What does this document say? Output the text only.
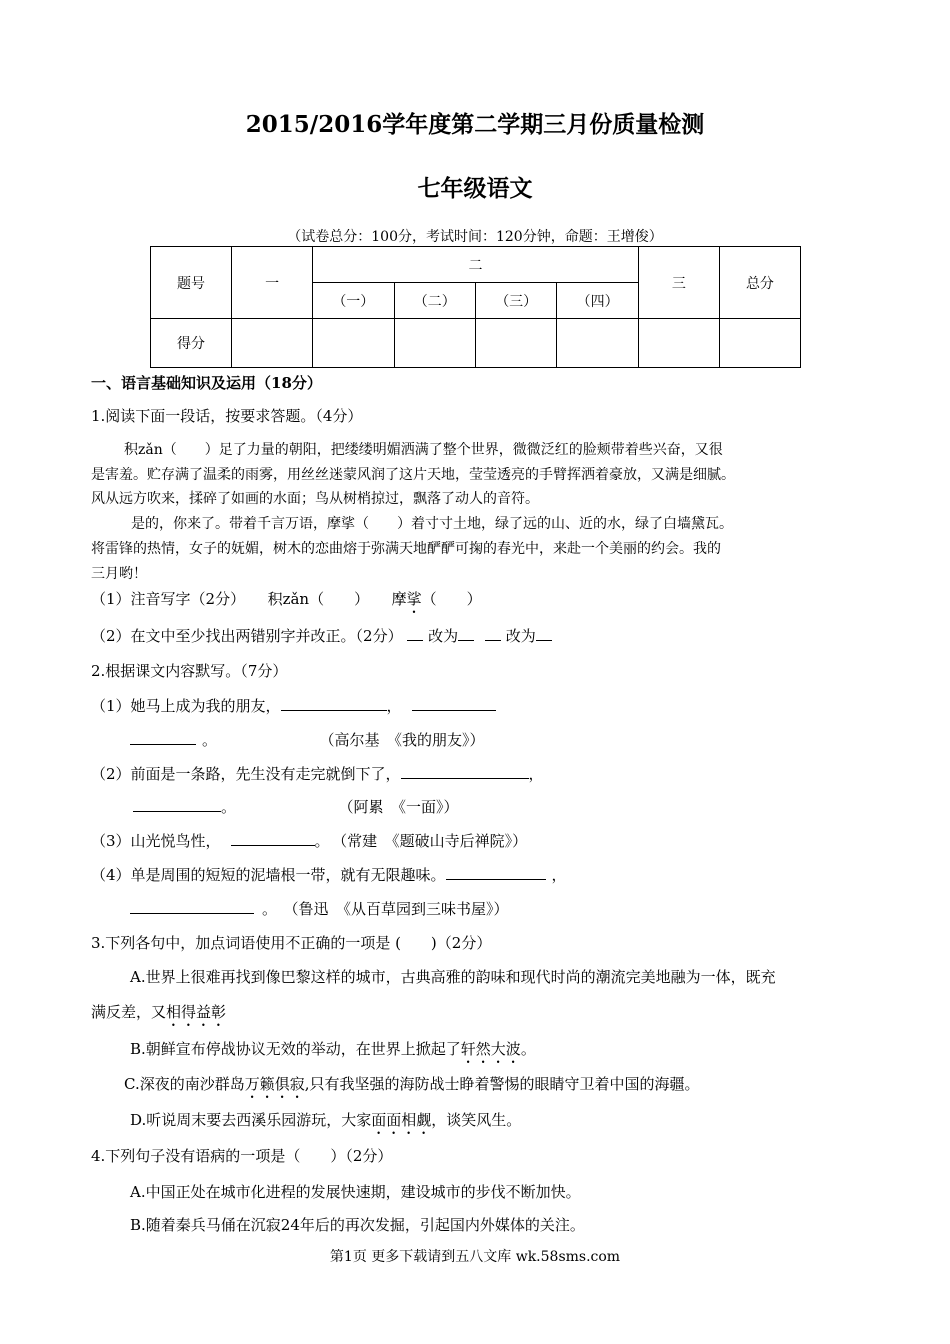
2015/2016学年度第二学期三月份质量检测
七年级语文
（试卷总分：100分，考试时间：120分钟，命题：王增俊）
题号	一	二				三	总分
		（一）	（二）	（三）	（四）		
得分							
一、语言基础知识及运用（18分）
1.阅读下面一段话，按要求答题。（4分）
积zǎn（　　）足了力量的朝阳，把缕缕明媚洒满了整个世界，微微泛红的脸颊带着些兴奋，又很
是害羞。贮存满了温柔的雨雾，用丝丝迷蒙风润了这片天地，莹莹透亮的手臂挥洒着豪放，又满是细腻。
风从远方吹来，揉碎了如画的水面；鸟从树梢掠过，飘落了动人的音符。
是的，你来了。带着千言万语，摩挲（　　）着寸寸土地，绿了远的山、近的水，绿了白墙黛瓦。
将雷锋的热情，女子的妩媚，树木的恋曲熔于弥满天地酽酽可掬的春光中，来赴一个美丽的约会。我的
三月哟！
（1）注音写字（2分）　　积zǎn（　　）　　摩挲（　　）
（2）在文中至少找出两错别字并改正。（2分） 改为	改为
2.根据课文内容默写。（7分）
（1）她马上成为我的朋友，	，
。	（高尔基　《我的朋友》）
（2）前面是一条路，先生没有走完就倒下了，	，
。	（阿累　《一面》）
（3）山光悦鸟性，	。 （常建　《题破山寺后禅院》）
（4）单是周围的短短的泥墙根一带，就有无限趣味。	，
。 （鲁迅　《从百草园到三味书屋》）
3.下列各句中，加点词语使用不正确的一项是 (　　)（2分）
A.世界上很难再找到像巴黎这样的城市，古典高雅的韵味和现代时尚的潮流完美地融为一体，既充
满反差，又相得益彰
B.朝鲜宣布停战协议无效的举动，在世界上掀起了轩然大波。
C.深夜的南沙群岛万籁俱寂,只有我坚强的海防战士睁着警惕的眼睛守卫着中国的海疆。
D.听说周末要去西溪乐园游玩，大家面面相觑，谈笑风生。
4.下列句子没有语病的一项是（　　）（2分）
A.中国正处在城市化进程的发展快速期，建设城市的步伐不断加快。
B.随着秦兵马俑在沉寂24年后的再次发掘，引起国内外媒体的关注。
第1页 更多下载请到五八文库 wk.58sms.com
